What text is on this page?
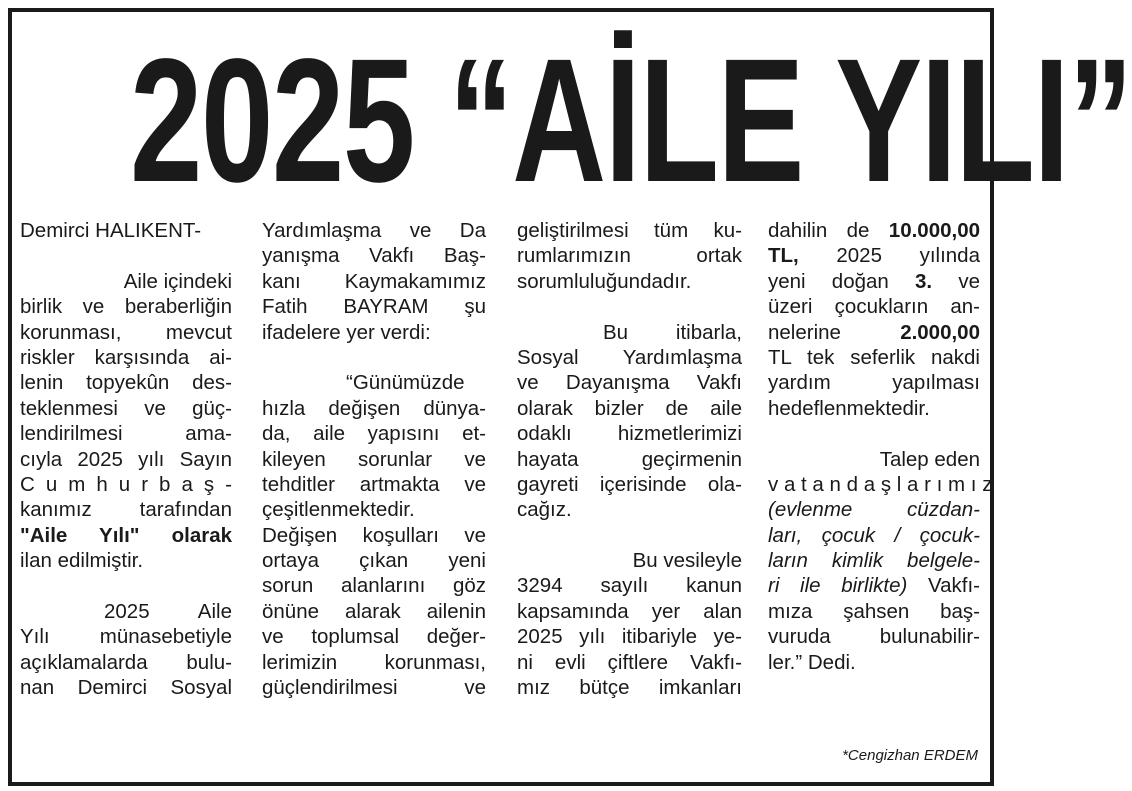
2025 “AİLE YILI”
Demirci HALIKENT-
Aile içindeki
birlik ve beraberliğin
korunması, mevcut
riskler karşısında ai-
lenin topyekûn des-
teklenmesi ve güç-
lendirilmesi ama-
cıyla 2025 yılı Sayın
C u m h u r b a ş -
kanımız tarafından
"Aile Yılı" olarak
ilan edilmiştir.
2025 Aile
Yılı münasebetiyle
açıklamalarda bulu-
nan Demirci Sosyal
Yardımlaşma ve Da
yanışma Vakfı Baş-
kanı Kaymakamımız
Fatih BAYRAM şu
ifadelere yer verdi:
“Günümüzde
hızla değişen dünya-
da, aile yapısını et-
kileyen sorunlar ve
tehditler artmakta ve
çeşitlenmektedir.
Değişen koşulları ve
ortaya çıkan yeni
sorun alanlarını göz
önüne alarak ailenin
ve toplumsal değer-
lerimizin korunması,
güçlendirilmesi ve
geliştirilmesi tüm ku-
rumlarımızın ortak
sorumluluğundadır.
Bu itibarla,
Sosyal Yardımlaşma
ve Dayanışma Vakfı
olarak bizler de aile
odaklı hizmetlerimizi
hayata geçirmenin
gayreti içerisinde ola-
cağız.
Bu vesileyle
3294 sayılı kanun
kapsamında yer alan
2025 yılı itibariyle ye-
ni evli çiftlere Vakfı-
mız bütçe imkanları
dahilin de 10.000,00
TL, 2025 yılında
yeni doğan 3. ve
üzeri çocukların an-
nelerine 2.000,00
TL tek seferlik nakdi
yardım yapılması
hedeflenmektedir.
Talep eden
v a t a n d a ş l a r ı m ı z
(evlenme cüzdan-
ları, çocuk / çocuk-
ların kimlik belgele-
ri ile birlikte) Vakfı-
mıza şahsen baş-
vuruda bulunabilir-
ler.” Dedi.
*Cengizhan ERDEM
